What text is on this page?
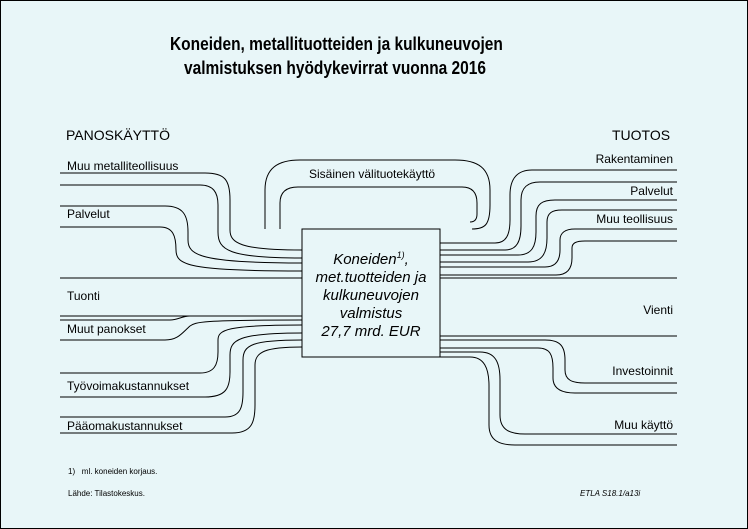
Koneiden, metallituotteiden ja kulkuneuvojen
valmistuksen hyödykevirrat vuonna 2016
PANOSKÄYTTÖ	TUOTOS
Muu metalliteollisuus
Palvelut
Tuonti
Muut panokset
Työvoimakustannukset
Pääomakustannukset
Rakentaminen
Palvelut
Muu teollisuus
Vienti
Investoinnit
Muu käyttö
Sisäinen välituotekäyttö
Koneiden$^{1)}$,
met.tuotteiden ja
kulkuneuvojen
valmistus
27,7 mrd. EUR
1) ml. koneiden korjaus.
Lähde: Tilastokeskus.	ETLA S18.1/a13i
